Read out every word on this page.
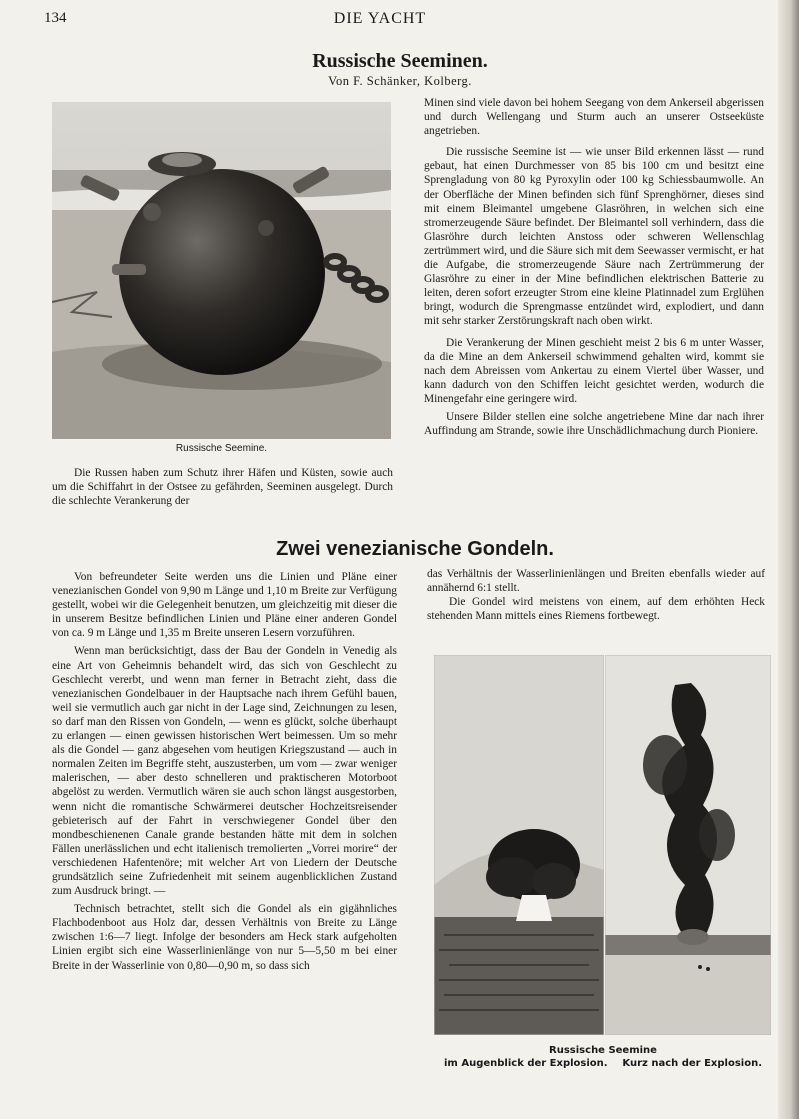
134	DIE YACHT
Russische Seeminen.
Von F. Schänker, Kolberg.
Russische Seemine.

Die Russen haben zum Schutz ihrer Häfen und Küsten, sowie auch um die Schiffahrt in der Ostsee zu gefährden, Seeminen ausgelegt. Durch die schlechte Verankerung der

Minen sind viele davon bei hohem Seegang von dem Ankerseil abgerissen und durch Wellengang und Sturm auch an unserer Ostseeküste angetrieben.

Die russische Seemine ist — wie unser Bild erkennen lässt — rund gebaut, hat einen Durchmesser von 85 bis 100 cm und besitzt eine Sprengladung von 80 kg Pyroxylin oder 100 kg Schiessbaumwolle. An der Oberfläche der Minen befinden sich fünf Sprenghörner, dieses sind mit einem Bleimantel umgebene Glasröhren, in welchen sich eine stromerzeugende Säure befindet. Der Bleimantel soll verhindern, dass die Glasröhre durch leichten Anstoss oder schweren Wellenschlag zertrümmert wird, und die Säure sich mit dem Seewasser vermischt, er hat die Aufgabe, die stromerzeugende Säure nach Zertrümmerung der Glasröhre zu einer in der Mine befindlichen elektrischen Batterie zu leiten, deren sofort erzeugter Strom eine kleine Platinnadel zum Erglühen bringt, wodurch die Sprengmasse entzündet wird, explodiert, und dann mit sehr starker Zerstörungskraft nach oben wirkt.

Die Verankerung der Minen geschieht meist 2 bis 6 m unter Wasser, da die Mine an dem Ankerseil schwimmend gehalten wird, kommt sie nach dem Abreissen vom Ankertau zu einem Viertel über Wasser, und kann dadurch von den Schiffen leicht gesichtet werden, wodurch die Minengefahr eine geringere wird.

Unsere Bilder stellen eine solche angetriebene Mine dar nach ihrer Auffindung am Strande, sowie ihre Unschädlichmachung durch Pioniere.

Zwei venezianische Gondeln.

Von befreundeter Seite werden uns die Linien und Pläne einer venezianischen Gondel von 9,90 m Länge und 1,10 m Breite zur Verfügung gestellt, wobei wir die Gelegenheit benutzen, um gleichzeitig mit dieser die in unserem Besitze befindlichen Linien und Pläne einer anderen Gondel von ca. 9 m Länge und 1,35 m Breite unseren Lesern vorzuführen.

Wenn man berücksichtigt, dass der Bau der Gondeln in Venedig als eine Art von Geheimnis behandelt wird, das sich von Geschlecht zu Geschlecht vererbt, und wenn man ferner in Betracht zieht, dass die venezianischen Gondelbauer in der Hauptsache nach ihrem Gefühl bauen, weil sie vermutlich auch gar nicht in der Lage sind, Zeichnungen zu lesen, so darf man den Rissen von Gondeln, — wenn es glückt, solche überhaupt zu erlangen — einen gewissen historischen Wert beimessen. Um so mehr als die Gondel — ganz abgesehen vom heutigen Kriegszustand — auch in normalen Zeiten im Begriffe steht, auszusterben, um vom — zwar weniger malerischen, — aber desto schnelleren und praktischeren Motorboot abgelöst zu werden. Vermutlich wären sie auch schon längst ausgestorben, wenn nicht die romantische Schwärmerei deutscher Hochzeitsreisender gebieterisch auf der Fahrt in verschwiegener Gondel über den mondbeschienenen Canale grande bestanden hätte mit dem in solchen Fällen unerlässlichen und echt italienisch tremolierten „Vorrei morire“ der verschiedenen Hafentenöre; mit welcher Art von Liedern der Deutsche grundsätzlich seine Zufriedenheit mit seinem augenblicklichen Zustand zum Ausdruck bringt. —

Technisch betrachtet, stellt sich die Gondel als ein gigähnliches Flachbodenboot aus Holz dar, dessen Verhältnis von Breite zu Länge zwischen 1:6—7 liegt. Infolge der besonders am Heck stark aufgeholten Linien ergibt sich eine Wasserlinienlänge von nur 5—5,50 m bei einer Breite in der Wasserlinie von 0,80—0,90 m, so dass sich

das Verhältnis der Wasserlinienlängen und Breiten ebenfalls wieder auf annähernd 6:1 stellt.

Die Gondel wird meistens von einem, auf dem erhöhten Heck stehenden Mann mittels eines Riemens fortbewegt.

Russische Seemine
im Augenblick der Explosion. Kurz nach der Explosion.
